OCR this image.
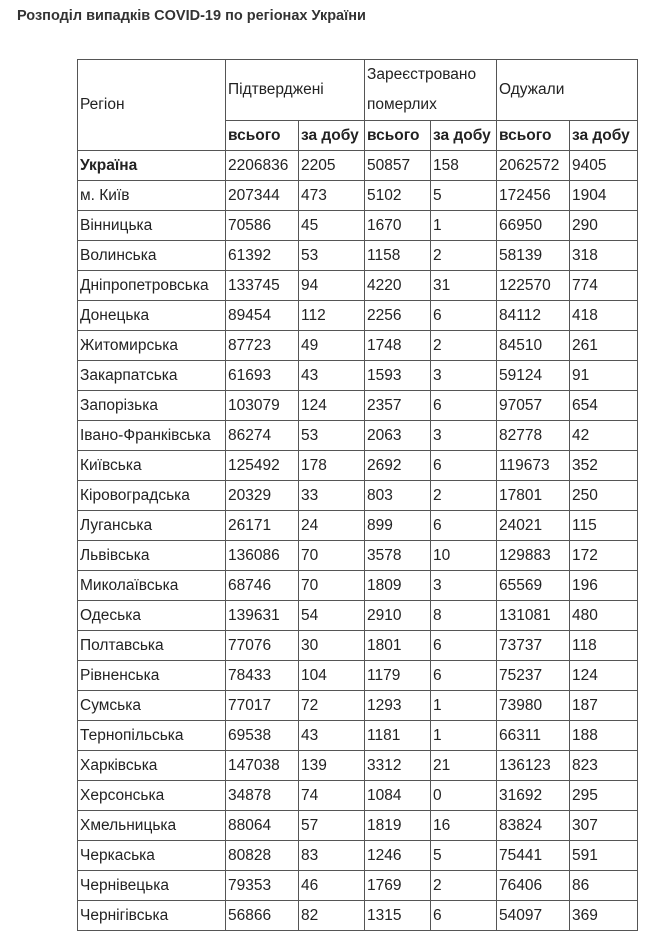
Розподіл випадків COVID-19 по регіонах України
Регіон	Підтверджені		Зареєстровано померлих		Одужали	
	всього	за добу	всього	за добу	всього	за добу
Україна	2206836	2205	50857	158	2062572	9405
м. Київ	207344	473	5102	5	172456	1904
Вінницька	70586	45	1670	1	66950	290
Волинська	61392	53	1158	2	58139	318
Дніпропетровська	133745	94	4220	31	122570	774
Донецька	89454	112	2256	6	84112	418
Житомирська	87723	49	1748	2	84510	261
Закарпатська	61693	43	1593	3	59124	91
Запорізька	103079	124	2357	6	97057	654
Івано-Франківська	86274	53	2063	3	82778	42
Київська	125492	178	2692	6	119673	352
Кіровоградська	20329	33	803	2	17801	250
Луганська	26171	24	899	6	24021	115
Львівська	136086	70	3578	10	129883	172
Миколаївська	68746	70	1809	3	65569	196
Одеська	139631	54	2910	8	131081	480
Полтавська	77076	30	1801	6	73737	118
Рівненська	78433	104	1179	6	75237	124
Сумська	77017	72	1293	1	73980	187
Тернопільська	69538	43	1181	1	66311	188
Харківська	147038	139	3312	21	136123	823
Херсонська	34878	74	1084	0	31692	295
Хмельницька	88064	57	1819	16	83824	307
Черкаська	80828	83	1246	5	75441	591
Чернівецька	79353	46	1769	2	76406	86
Чернігівська	56866	82	1315	6	54097	369
